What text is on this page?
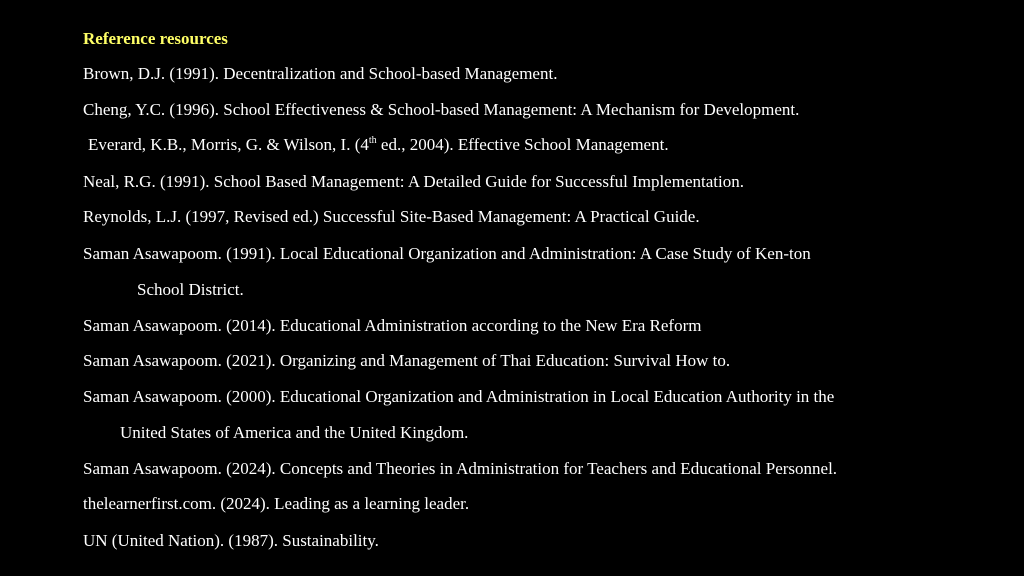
Reference resources
Brown, D.J. (1991). Decentralization and School-based Management.
Cheng, Y.C. (1996). School Effectiveness & School-based Management: A Mechanism for Development.
Everard, K.B., Morris, G. & Wilson, I. (4th ed., 2004). Effective School Management.
Neal, R.G. (1991). School Based Management: A Detailed Guide for Successful Implementation.
Reynolds, L.J. (1997, Revised ed.) Successful Site-Based Management: A Practical Guide.
Saman Asawapoom. (1991). Local Educational Organization and Administration: A Case Study of Ken-ton
School District.
Saman Asawapoom. (2014). Educational Administration according to the New Era Reform
Saman Asawapoom. (2021). Organizing and Management of Thai Education: Survival How to.
Saman Asawapoom. (2000). Educational Organization and Administration in Local Education Authority in the
United States of America and the United Kingdom.
Saman Asawapoom. (2024). Concepts and Theories in Administration for Teachers and Educational Personnel.
thelearnerfirst.com. (2024). Leading as a learning leader.
UN (United Nation). (1987). Sustainability.
